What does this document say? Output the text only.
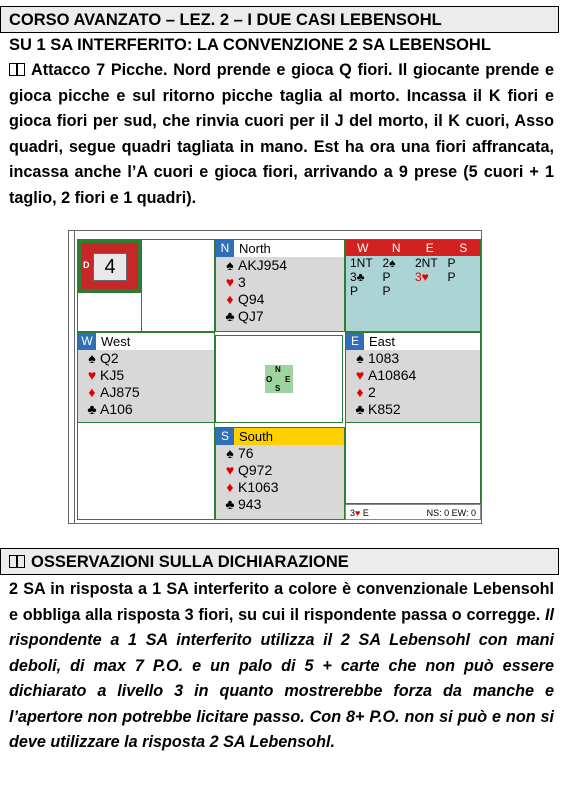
CORSO AVANZATO – LEZ. 2 – I DUE CASI LEBENSOHL
SU 1 SA INTERFERITO: LA CONVENZIONE 2 SA LEBENSOHL

Attacco 7 Picche. Nord prende e gioca Q fiori. Il giocante prende e gioca picche e sul ritorno picche taglia al morto. Incassa il K fiori e gioca fiori per sud, che rinvia cuori per il J del morto, il K cuori, Asso quadri, segue quadri tagliata in mano. Est ha ora una fiori affrancata, incassa anche l’A cuori e gioca fiori, arrivando a 9 prese (5 cuori + 1 taglio, 2 fiori e 1 quadri).

4
D
N North
♠ AKJ954
♥ 3
♦ Q94
♣ QJ7
W	N	E	S
1NT 2♠	2NT P
3♣	P	3♥	P
P	P
W West
♠ Q2
♥ KJ5
♦ AJ875
♣ A106
N
S
O E
E East
♠ 1083
♥ A10864
♦ 2
♣ K852
S South
♠ 76
♥ Q972
♦ K1063
♣ 943
3♥ E	NS: 0 EW: 0
OSSERVAZIONI SULLA DICHIARAZIONE

2 SA in risposta a 1 SA interferito a colore è convenzionale Lebensohl e obbliga alla risposta 3 fiori, su cui il rispondente passa o corregge. Il rispondente a 1 SA interferito utilizza il 2 SA Lebensohl con mani deboli, di max 7 P.O. e un palo di 5 + carte che non può essere dichiarato a livello 3 in quanto mostrerebbe forza da manche e l’apertore non potrebbe licitare passo. Con 8+ P.O. non si può e non si deve utilizzare la risposta 2 SA Lebensohl.
